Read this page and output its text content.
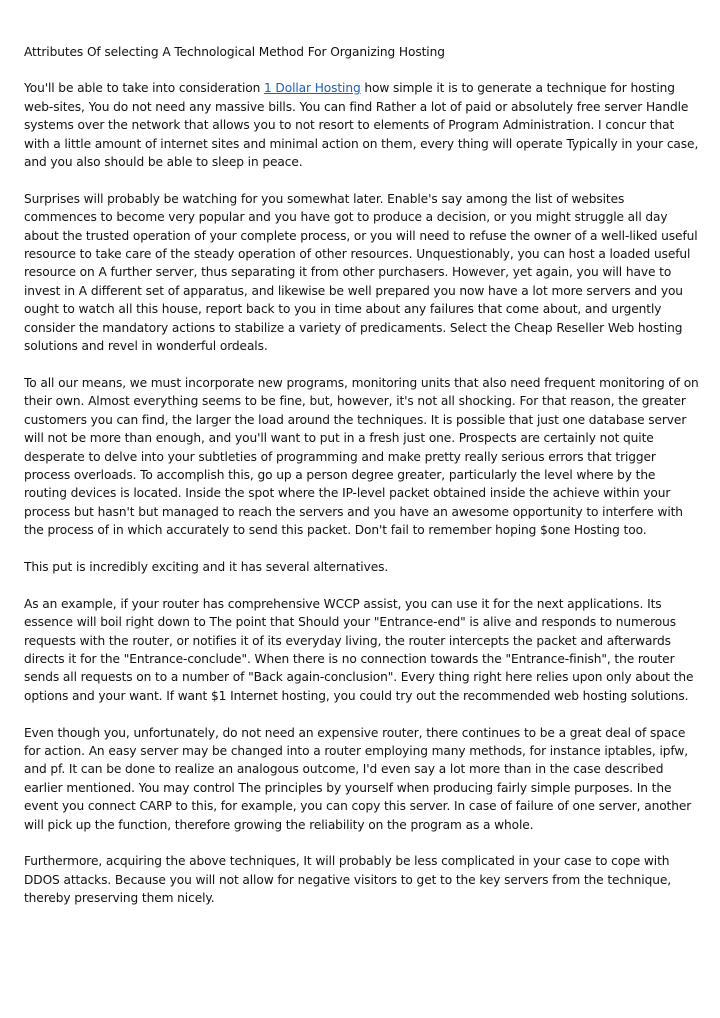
Attributes Of selecting A Technological Method For Organizing Hosting

You'll be able to take into consideration 1 Dollar Hosting how simple it is to generate a technique for hosting web-sites, You do not need any massive bills. You can find Rather a lot of paid or absolutely free server Handle systems over the network that allows you to not resort to elements of Program Administration. I concur that with a little amount of internet sites and minimal action on them, every thing will operate Typically in your case, and you also should be able to sleep in peace.

Surprises will probably be watching for you somewhat later. Enable's say among the list of websites commences to become very popular and you have got to produce a decision, or you might struggle all day about the trusted operation of your complete process, or you will need to refuse the owner of a well-liked useful resource to take care of the steady operation of other resources. Unquestionably, you can host a loaded useful resource on A further server, thus separating it from other purchasers. However, yet again, you will have to invest in A different set of apparatus, and likewise be well prepared you now have a lot more servers and you ought to watch all this house, report back to you in time about any failures that come about, and urgently consider the mandatory actions to stabilize a variety of predicaments. Select the Cheap Reseller Web hosting solutions and revel in wonderful ordeals.

To all our means, we must incorporate new programs, monitoring units that also need frequent monitoring of on their own. Almost everything seems to be fine, but, however, it's not all shocking. For that reason, the greater customers you can find, the larger the load around the techniques. It is possible that just one database server will not be more than enough, and you'll want to put in a fresh just one. Prospects are certainly not quite desperate to delve into your subtleties of programming and make pretty really serious errors that trigger process overloads. To accomplish this, go up a person degree greater, particularly the level where by the routing devices is located. Inside the spot where the IP-level packet obtained inside the achieve within your process but hasn't but managed to reach the servers and you have an awesome opportunity to interfere with the process of in which accurately to send this packet. Don't fail to remember hoping $one Hosting too.

This put is incredibly exciting and it has several alternatives.

As an example, if your router has comprehensive WCCP assist, you can use it for the next applications. Its essence will boil right down to The point that Should your "Entrance-end" is alive and responds to numerous requests with the router, or notifies it of its everyday living, the router intercepts the packet and afterwards directs it for the "Entrance-conclude". When there is no connection towards the "Entrance-finish", the router sends all requests on to a number of "Back again-conclusion". Every thing right here relies upon only about the options and your want. If want $1 Internet hosting, you could try out the recommended web hosting solutions.

Even though you, unfortunately, do not need an expensive router, there continues to be a great deal of space for action. An easy server may be changed into a router employing many methods, for instance iptables, ipfw, and pf. It can be done to realize an analogous outcome, I'd even say a lot more than in the case described earlier mentioned. You may control The principles by yourself when producing fairly simple purposes. In the event you connect CARP to this, for example, you can copy this server. In case of failure of one server, another will pick up the function, therefore growing the reliability on the program as a whole.

Furthermore, acquiring the above techniques, It will probably be less complicated in your case to cope with DDOS attacks. Because you will not allow for negative visitors to get to the key servers from the technique, thereby preserving them nicely.
